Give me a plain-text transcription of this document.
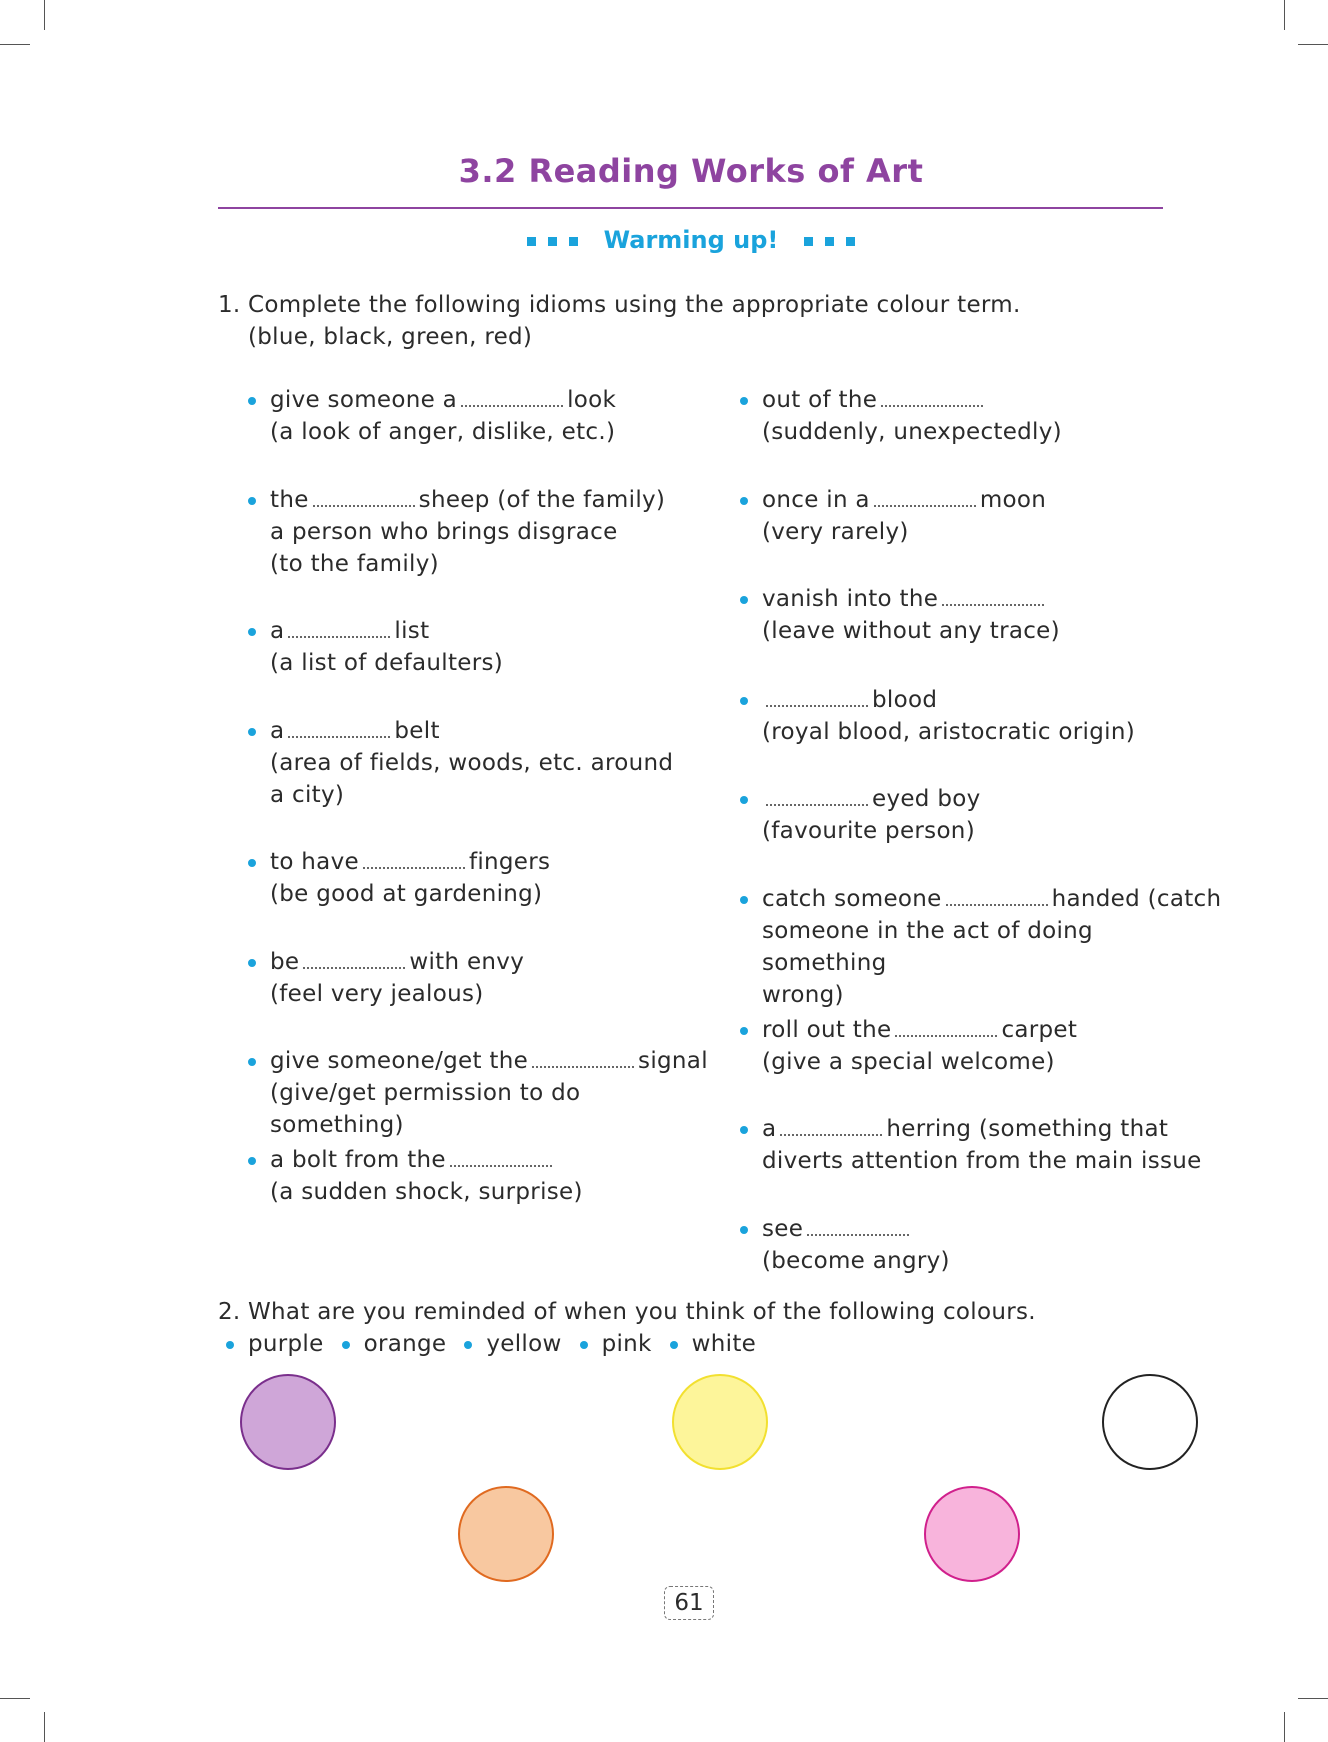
3.2 Reading Works of Art
Warming up!
1. Complete the following idioms using the appropriate colour term.
(blue, black, green, red)
give someone a	look
(a look of anger, dislike, etc.)
the	sheep (of the family)
a person who brings disgrace
(to the family)
a	list
(a list of defaulters)
a	belt
(area of fields, woods, etc. around
a city)
to have	fingers
(be good at gardening)
be	with envy
(feel very jealous)
give someone/get the	signal
(give/get permission to do something)
a bolt from the
(a sudden shock, surprise)
out of the
(suddenly, unexpectedly)
once in a	moon
(very rarely)
vanish into the
(leave without any trace)
blood
(royal blood, aristocratic origin)
eyed boy
(favourite person)
catch someone	handed (catch
someone in the act of doing something
wrong)
roll out the	carpet
(give a special welcome)
a	herring (something that
diverts attention from the main issue
see
(become angry)
2. What are you reminded of when you think of the following colours.
purple orange yellow pink white
61
